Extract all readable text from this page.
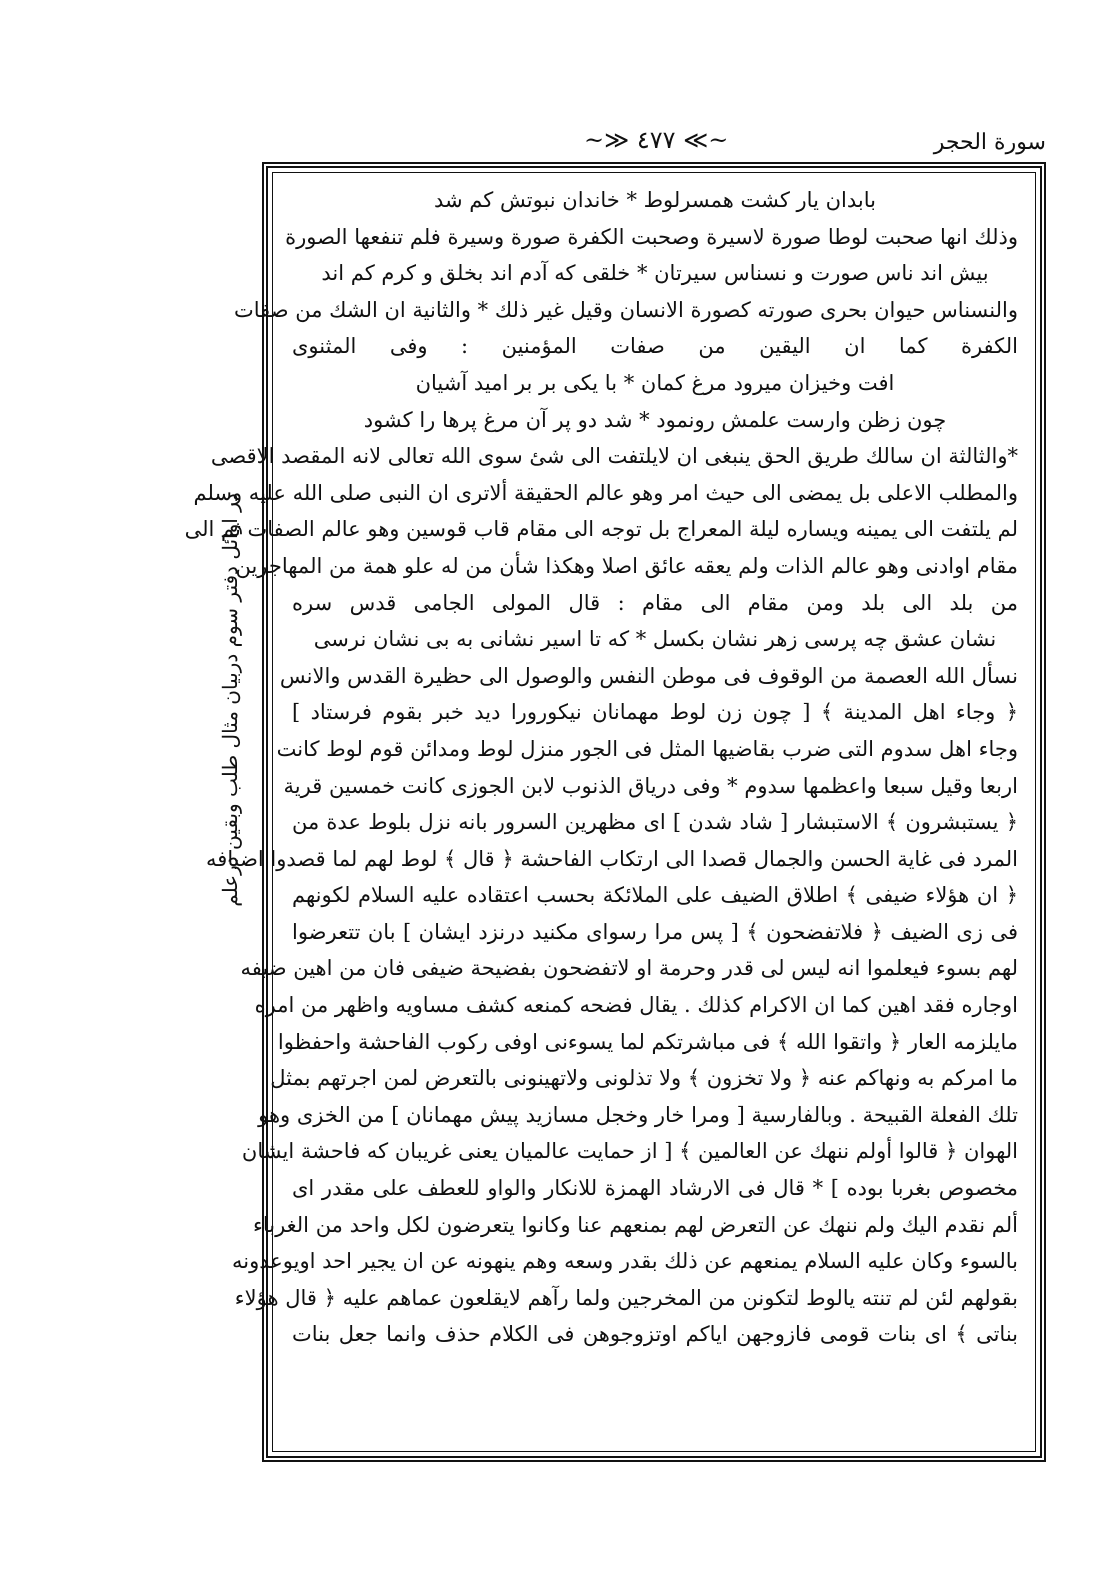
سورة الحجر
~≫ ٤٧٧ ≪~
در اوائل دفتر سوم دربيان مثال طلب وبقين درعلم
بابدان يار كشت همسرلوط * خاندان نبوتش كم شد
وذلك انها صحبت لوطا صورة لاسيرة وصحبت الكفرة صورة وسيرة فلم تنفعها الصورة
بيش اند ناس صورت و نسناس سيرتان * خلقى كه آدم اند بخلق و كرم كم اند
والنسناس حيوان بحرى صورته كصورة الانسان وقيل غير ذلك * والثانية ان الشك من صفات
الكفرة كما ان اليقين من صفات المؤمنين : وفى المثنوى
افت وخيزان ميرود مرغ كمان * با يكى بر بر اميد آشيان
چون زظن وارست علمش رونمود * شد دو پر آن مرغ پرها را كشود
*والثالثة ان سالك طريق الحق ينبغى ان لايلتفت الى شئ سوى الله تعالى لانه المقصد الاقصى
والمطلب الاعلى بل يمضى الى حيث امر وهو عالم الحقيقة ألاترى ان النبى صلى الله عليه وسلم
لم يلتفت الى يمينه ويساره ليلة المعراج بل توجه الى مقام قاب قوسين وهو عالم الصفات ثم الى
مقام اوادنى وهو عالم الذات ولم يعقه عائق اصلا وهكذا شأن من له علو همة من المهاجرين
من بلد الى بلد ومن مقام الى مقام : قال المولى الجامى قدس سره
نشان عشق چه پرسى زهر نشان بكسل * كه تا اسير نشانى به بى نشان نرسى
نسأل الله العصمة من الوقوف فى موطن النفس والوصول الى حظيرة القدس والانس
﴿ وجاء اهل المدينة ﴾ [ چون زن لوط مهمانان نيكورورا ديد خبر بقوم فرستاد ]
وجاء اهل سدوم التى ضرب بقاضيها المثل فى الجور منزل لوط ومدائن قوم لوط كانت
اربعا وقيل سبعا واعظمها سدوم * وفى درياق الذنوب لابن الجوزى كانت خمسين قرية
﴿ يستبشرون ﴾ الاستبشار [ شاد شدن ] اى مظهرين السرور بانه نزل بلوط عدة من
المرد فى غاية الحسن والجمال قصدا الى ارتكاب الفاحشة ﴿ قال ﴾ لوط لهم لما قصدوا اضيافه
﴿ ان هؤلاء ضيفى ﴾ اطلاق الضيف على الملائكة بحسب اعتقاده عليه السلام لكونهم
فى زى الضيف ﴿ فلاتفضحون ﴾ [ پس مرا رسواى مكنيد درنزد ايشان ] بان تتعرضوا
لهم بسوء فيعلموا انه ليس لى قدر وحرمة او لاتفضحون بفضيحة ضيفى فان من اهين ضيفه
اوجاره فقد اهين كما ان الاكرام كذلك . يقال فضحه كمنعه كشف مساويه واظهر من امره
مايلزمه العار ﴿ واتقوا الله ﴾ فى مباشرتكم لما يسوءنى اوفى ركوب الفاحشة واحفظوا
ما امركم به ونهاكم عنه ﴿ ولا تخزون ﴾ ولا تذلونى ولاتهينونى بالتعرض لمن اجرتهم بمثل
تلك الفعلة القبيحة . وبالفارسية [ ومرا خار وخجل مسازيد پيش مهمانان ] من الخزى وهو
الهوان ﴿ قالوا أولم ننهك عن العالمين ﴾ [ از حمايت عالميان يعنى غريبان كه فاحشة ايشان
مخصوص بغربا بوده ] * قال فى الارشاد الهمزة للانكار والواو للعطف على مقدر اى
ألم نقدم اليك ولم ننهك عن التعرض لهم بمنعهم عنا وكانوا يتعرضون لكل واحد من الغرباء
بالسوء وكان عليه السلام يمنعهم عن ذلك بقدر وسعه وهم ينهونه عن ان يجير احد اويوعدونه
بقولهم لئن لم تنته يالوط لتكونن من المخرجين ولما رآهم لايقلعون عماهم عليه ﴿ قال هؤلاء
بناتى ﴾ اى بنات قومى فازوجهن اياكم اوتزوجوهن فى الكلام حذف وانما جعل بنات
